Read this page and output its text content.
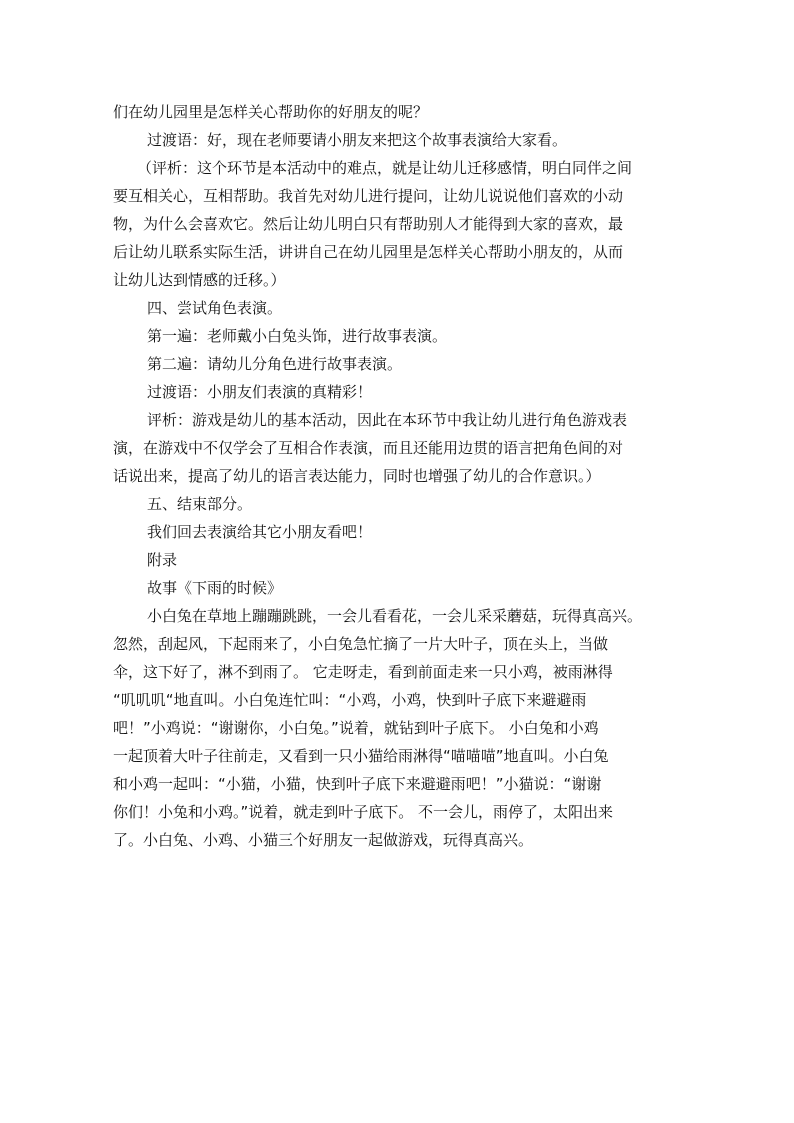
们在幼儿园里是怎样关心帮助你的好朋友的呢？
过渡语：好，现在老师要请小朋友来把这个故事表演给大家看。
（评析：这个环节是本活动中的难点，就是让幼儿迁移感情，明白同伴之间
要互相关心，互相帮助。我首先对幼儿进行提问，让幼儿说说他们喜欢的小动
物，为什么会喜欢它。然后让幼儿明白只有帮助别人才能得到大家的喜欢，最
后让幼儿联系实际生活，讲讲自己在幼儿园里是怎样关心帮助小朋友的，从而
让幼儿达到情感的迁移。）
四、尝试角色表演。
第一遍：老师戴小白兔头饰，进行故事表演。
第二遍：请幼儿分角色进行故事表演。
过渡语：小朋友们表演的真精彩！
评析：游戏是幼儿的基本活动，因此在本环节中我让幼儿进行角色游戏表
演，在游戏中不仅学会了互相合作表演，而且还能用边贯的语言把角色间的对
话说出来，提高了幼儿的语言表达能力，同时也增强了幼儿的合作意识。）
五、结束部分。
我们回去表演给其它小朋友看吧！
附录
故事《下雨的时候》
小白兔在草地上蹦蹦跳跳，一会儿看看花，一会儿采采蘑菇，玩得真高兴。
忽然，刮起风，下起雨来了，小白兔急忙摘了一片大叶子，顶在头上，当做
伞，这下好了，淋不到雨了。 它走呀走，看到前面走来一只小鸡，被雨淋得
“叽叽叽“地直叫。小白兔连忙叫：“小鸡，小鸡，快到叶子底下来避避雨
吧！”小鸡说：“谢谢你，小白兔。”说着，就钻到叶子底下。 小白兔和小鸡
一起顶着大叶子往前走，又看到一只小猫给雨淋得“喵喵喵”地直叫。小白兔
和小鸡一起叫：“小猫，小猫，快到叶子底下来避避雨吧！”小猫说：“谢谢
你们！小兔和小鸡。”说着，就走到叶子底下。 不一会儿，雨停了，太阳出来
了。小白兔、小鸡、小猫三个好朋友一起做游戏，玩得真高兴。
